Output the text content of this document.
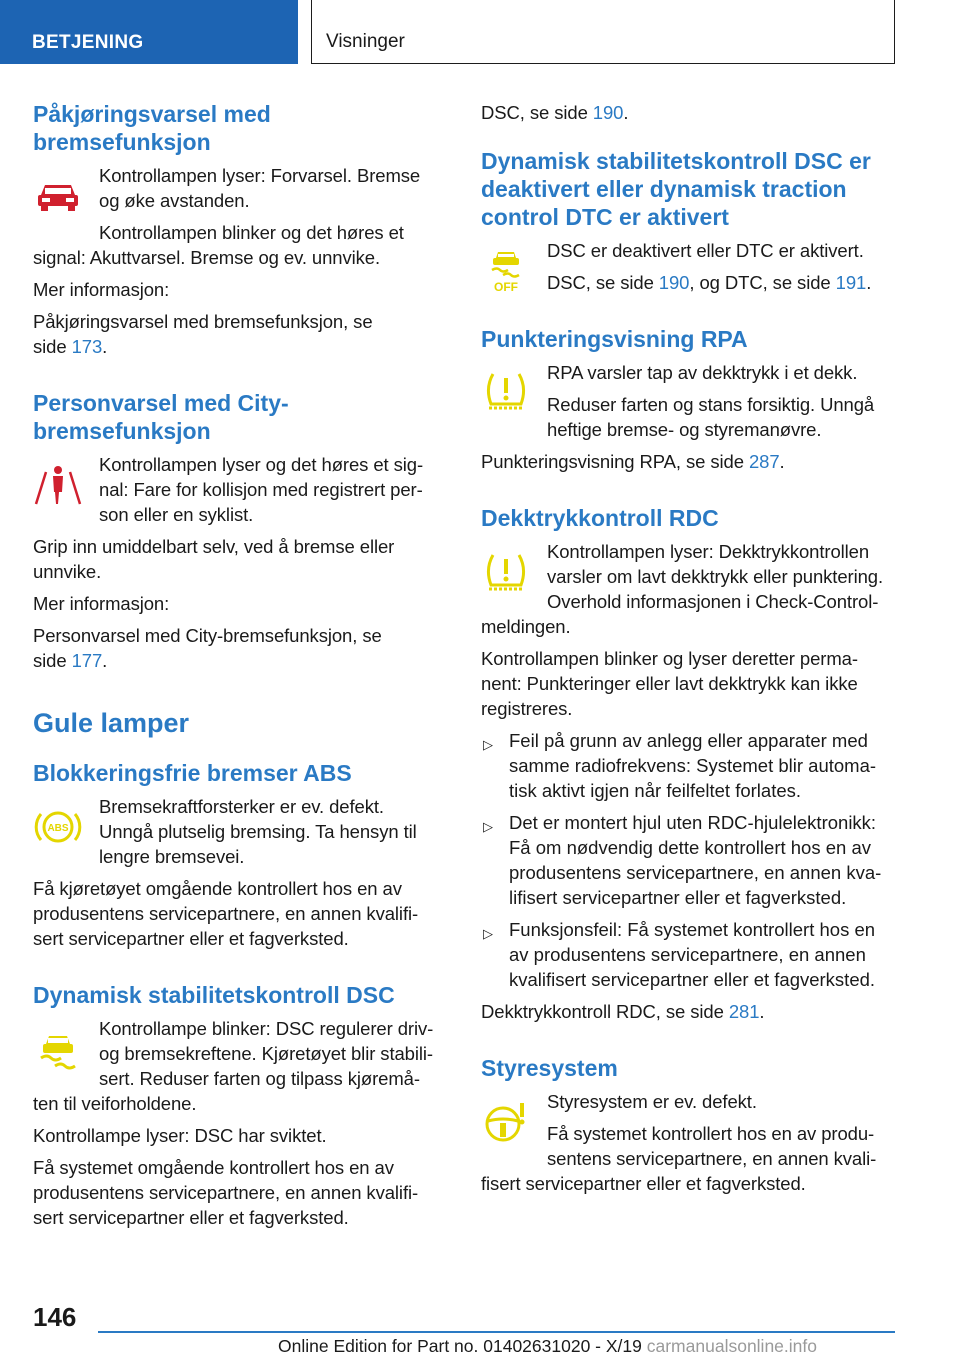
BETJENING	Visninger
Påkjøringsvarsel med
bremsefunksjon

Kontrollampen lyser: Forvarsel. Bremse
og øke avstanden.

Kontrollampen blinker og det høres et

signal: Akuttvarsel. Bremse og ev. unnvike.

Mer informasjon:

Påkjøringsvarsel med bremsefunksjon, se
side 173.

Personvarsel med City-
bremsefunksjon

Kontrollampen lyser og det høres et sig-
nal: Fare for kollisjon med registrert per-
son eller en syklist.

Grip inn umiddelbart selv, ved å bremse eller
unnvike.

Mer informasjon:

Personvarsel med City-bremsefunksjon, se
side 177.

Gule lamper
Blokkeringsfrie bremser ABS
ABS

Bremsekraftforsterker er ev. defekt.
Unngå plutselig bremsing. Ta hensyn til
lengre bremsevei.

Få kjøretøyet omgående kontrollert hos en av
produsentens servicepartnere, en annen kvalifi-
sert servicepartner eller et fagverksted.

Dynamisk stabilitetskontroll DSC

Kontrollampe blinker: DSC regulerer driv-
og bremsekreftene. Kjøretøyet blir stabili-
sert. Reduser farten og tilpass kjøremå-

ten til veiforholdene.

Kontrollampe lyser: DSC har sviktet.

Få systemet omgående kontrollert hos en av
produsentens servicepartnere, en annen kvalifi-
sert servicepartner eller et fagverksted.

DSC, se side 190.

Dynamisk stabilitetskontroll DSC er
deaktivert eller dynamisk traction
control DTC er aktivert
OFF

DSC er deaktivert eller DTC er aktivert.

DSC, se side 190, og DTC, se side 191.

Punkteringsvisning RPA

RPA varsler tap av dekktrykk i et dekk.

Reduser farten og stans forsiktig. Unngå
heftige bremse- og styremanøvre.

Punkteringsvisning RPA, se side 287.

Dekktrykkontroll RDC

Kontrollampen lyser: Dekktrykkontrollen
varsler om lavt dekktrykk eller punktering.
Overhold informasjonen i Check-Control-

meldingen.

Kontrollampen blinker og lyser deretter perma-
nent: Punkteringer eller lavt dekktrykk kan ikke
registreres.

▷ Feil på grunn av anlegg eller apparater med
samme radiofrekvens: Systemet blir automa-
tisk aktivt igjen når feilfeltet forlates.
▷ Det er montert hjul uten RDC-hjulelektronikk:
Få om nødvendig dette kontrollert hos en av
produsentens servicepartnere, en annen kva-
lifisert servicepartner eller et fagverksted.
▷ Funksjonsfeil: Få systemet kontrollert hos en
av produsentens servicepartnere, en annen
kvalifisert servicepartner eller et fagverksted.

Dekktrykkontroll RDC, se side 281.

Styresystem

Styresystem er ev. defekt.

Få systemet kontrollert hos en av produ-
sentens servicepartnere, en annen kvali-

fisert servicepartner eller et fagverksted.

146
Online Edition for Part no. 01402631020 - X/19 carmanualsonline.info
